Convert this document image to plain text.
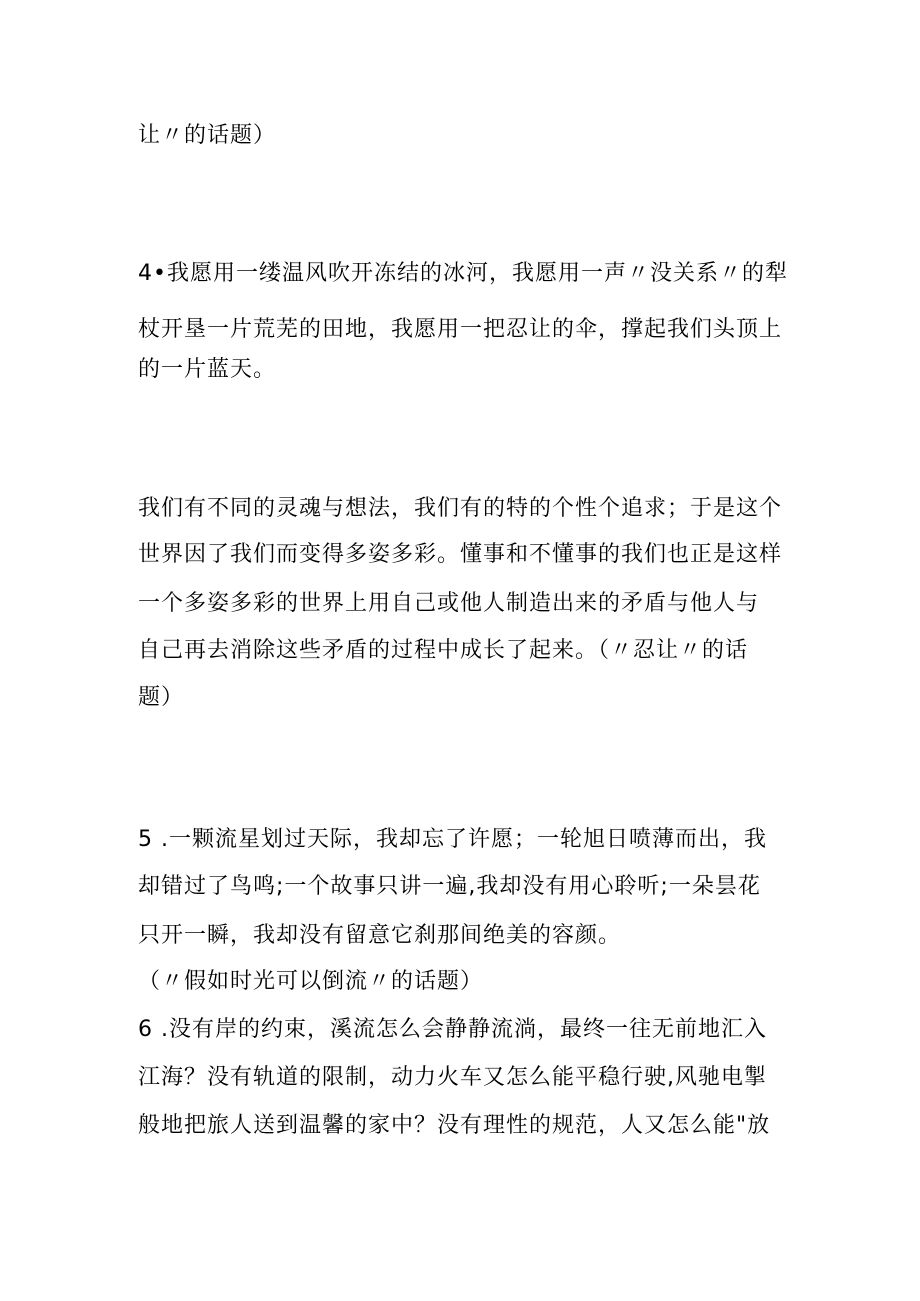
让〃的话题）
4•我愿用一缕温风吹开冻结的冰河，我愿用一声〃没关系〃的犁
杖开垦一片荒芜的田地，我愿用一把忍让的伞，撑起我们头顶上
的一片蓝天。
我们有不同的灵魂与想法，我们有的特的个性个追求；于是这个
世界因了我们而变得多姿多彩。懂事和不懂事的我们也正是这样
一个多姿多彩的世界上用自己或他人制造出来的矛盾与他人与
自己再去消除这些矛盾的过程中成长了起来。（〃忍让〃的话
题）
5 .一颗流星划过天际，我却忘了许愿；一轮旭日喷薄而出，我
却错过了鸟鸣;一个故事只讲一遍,我却没有用心聆听;一朵昙花
只开一瞬，我却没有留意它刹那间绝美的容颜。
（〃假如时光可以倒流〃的话题）
6 .没有岸的约束，溪流怎么会静静流淌，最终一往无前地汇入
江海？没有轨道的限制，动力火车又怎么能平稳行驶,风驰电掣
般地把旅人送到温馨的家中？没有理性的规范，人又怎么能"放
